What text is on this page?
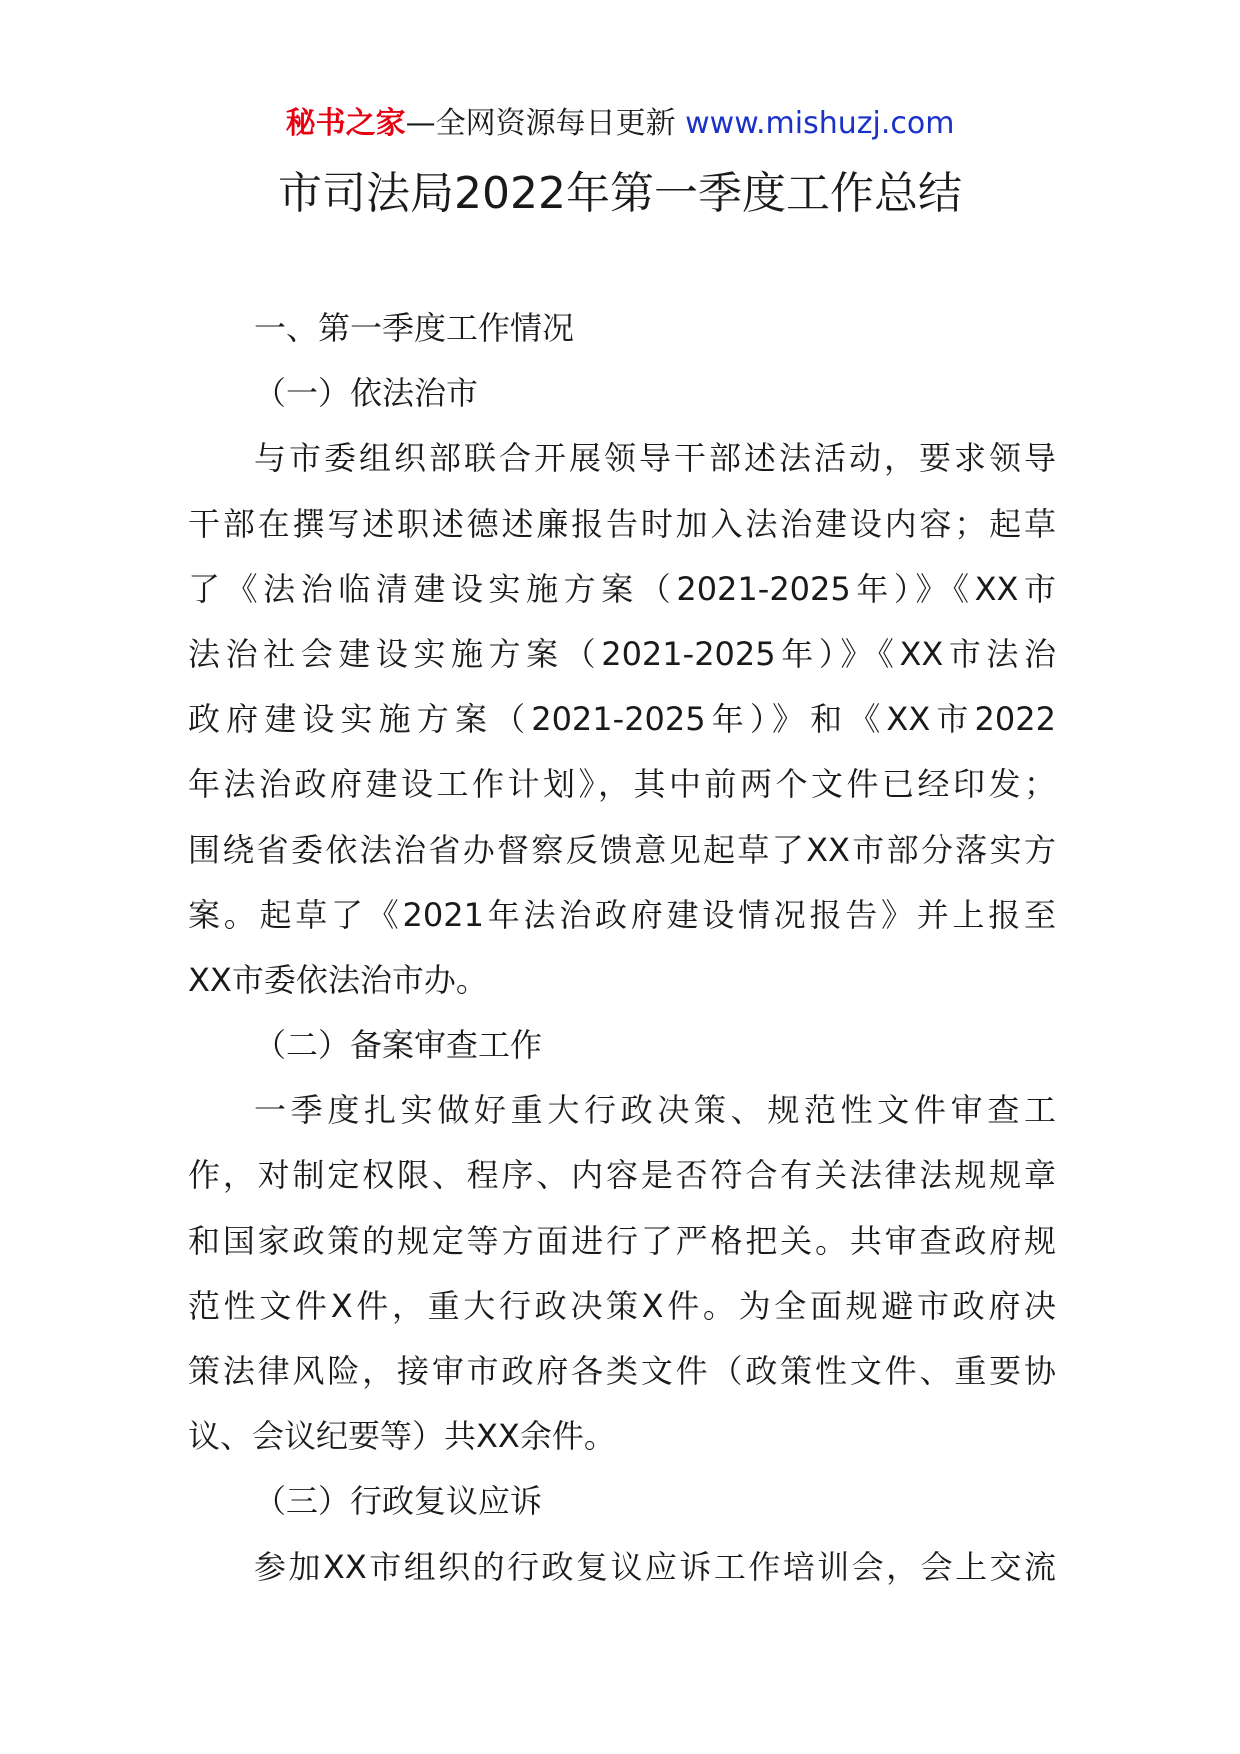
秘书之家—全网资源每日更新 www.mishuzj.com
市司法局2022年第一季度工作总结
一、第一季度工作情况
（一）依法治市
与市委组织部联合开展领导干部述法活动，要求领导
干部在撰写述职述德述廉报告时加入法治建设内容；起草
了《法治临清建设实施方案（2021-2025年）》《XX市
法治社会建设实施方案（2021-2025年）》《XX市法治
政府建设实施方案（2021-2025年）》和《XX市2022
年法治政府建设工作计划》，其中前两个文件已经印发；
围绕省委依法治省办督察反馈意见起草了XX市部分落实方
案。起草了《2021年法治政府建设情况报告》并上报至
XX市委依法治市办。
（二）备案审查工作
一季度扎实做好重大行政决策、规范性文件审查工
作，对制定权限、程序、内容是否符合有关法律法规规章
和国家政策的规定等方面进行了严格把关。共审查政府规
范性文件X件，重大行政决策X件。为全面规避市政府决
策法律风险，接审市政府各类文件（政策性文件、重要协
议、会议纪要等）共XX余件。
（三）行政复议应诉
参加XX市组织的行政复议应诉工作培训会，会上交流
